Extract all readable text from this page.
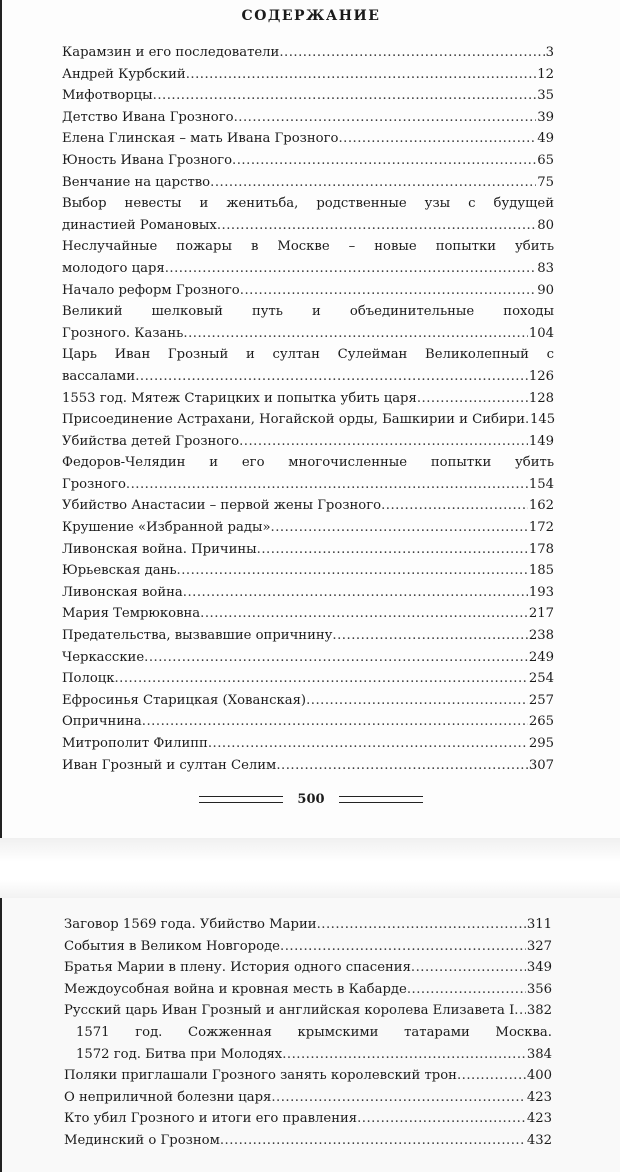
СОДЕРЖАНИЕ
Карамзин и его последователи .....	3
Андрей Курбский .....	12
Мифотворцы .....	35
Детство Ивана Грозного .....	39
Елена Глинская – мать Ивана Грозного .....	49
Юность Ивана Грозного .....	65
Венчание на царство .....	75
Выбор невесты и женитьба, родственные узы с будущей
династией Романовых .....	80
Неслучайные пожары в Москве – новые попытки убить
молодого царя .....	83
Начало реформ Грозного .....	90
Великий шелковый путь и объединительные походы
Грозного. Казань .....	104
Царь Иван Грозный и султан Сулейман Великолепный с
вассалами .....	126
1553 год. Мятеж Старицких и попытка убить царя .....	128
Присоединение Астрахани, Ногайской орды, Башкирии и Сибири ..... 145
Убийства детей Грозного .....	149
Федоров-Челядин и его многочисленные попытки убить
Грозного .....	154
Убийство Анастасии – первой жены Грозного .....	162
Крушение «Избранной рады» .....	172
Ливонская война. Причины .....	178
Юрьевская дань .....	185
Ливонская война .....	193
Мария Темрюковна .....	217
Предательства, вызвавшие опричнину .....	238
Черкасские .....	249
Полоцк .....	254
Ефросинья Старицкая (Хованская) .....	257
Опричнина .....	265
Митрополит Филипп .....	295
Иван Грозный и султан Селим .....	307
500
Заговор 1569 года. Убийство Марии .....	311
События в Великом Новгороде .....	327
Братья Марии в плену. История одного спасения .....	349
Междоусобная война и кровная месть в Кабарде .....	356
Русский царь Иван Грозный и английская королева Елизавета I ..... 382
1571 год. Сожженная крымскими татарами Москва.
1572 год. Битва при Молодях .....	384
Поляки приглашали Грозного занять королевский трон .....	400
О неприличной болезни царя .....	423
Кто убил Грозного и итоги его правления .....	423
Мединский о Грозном .....	432
